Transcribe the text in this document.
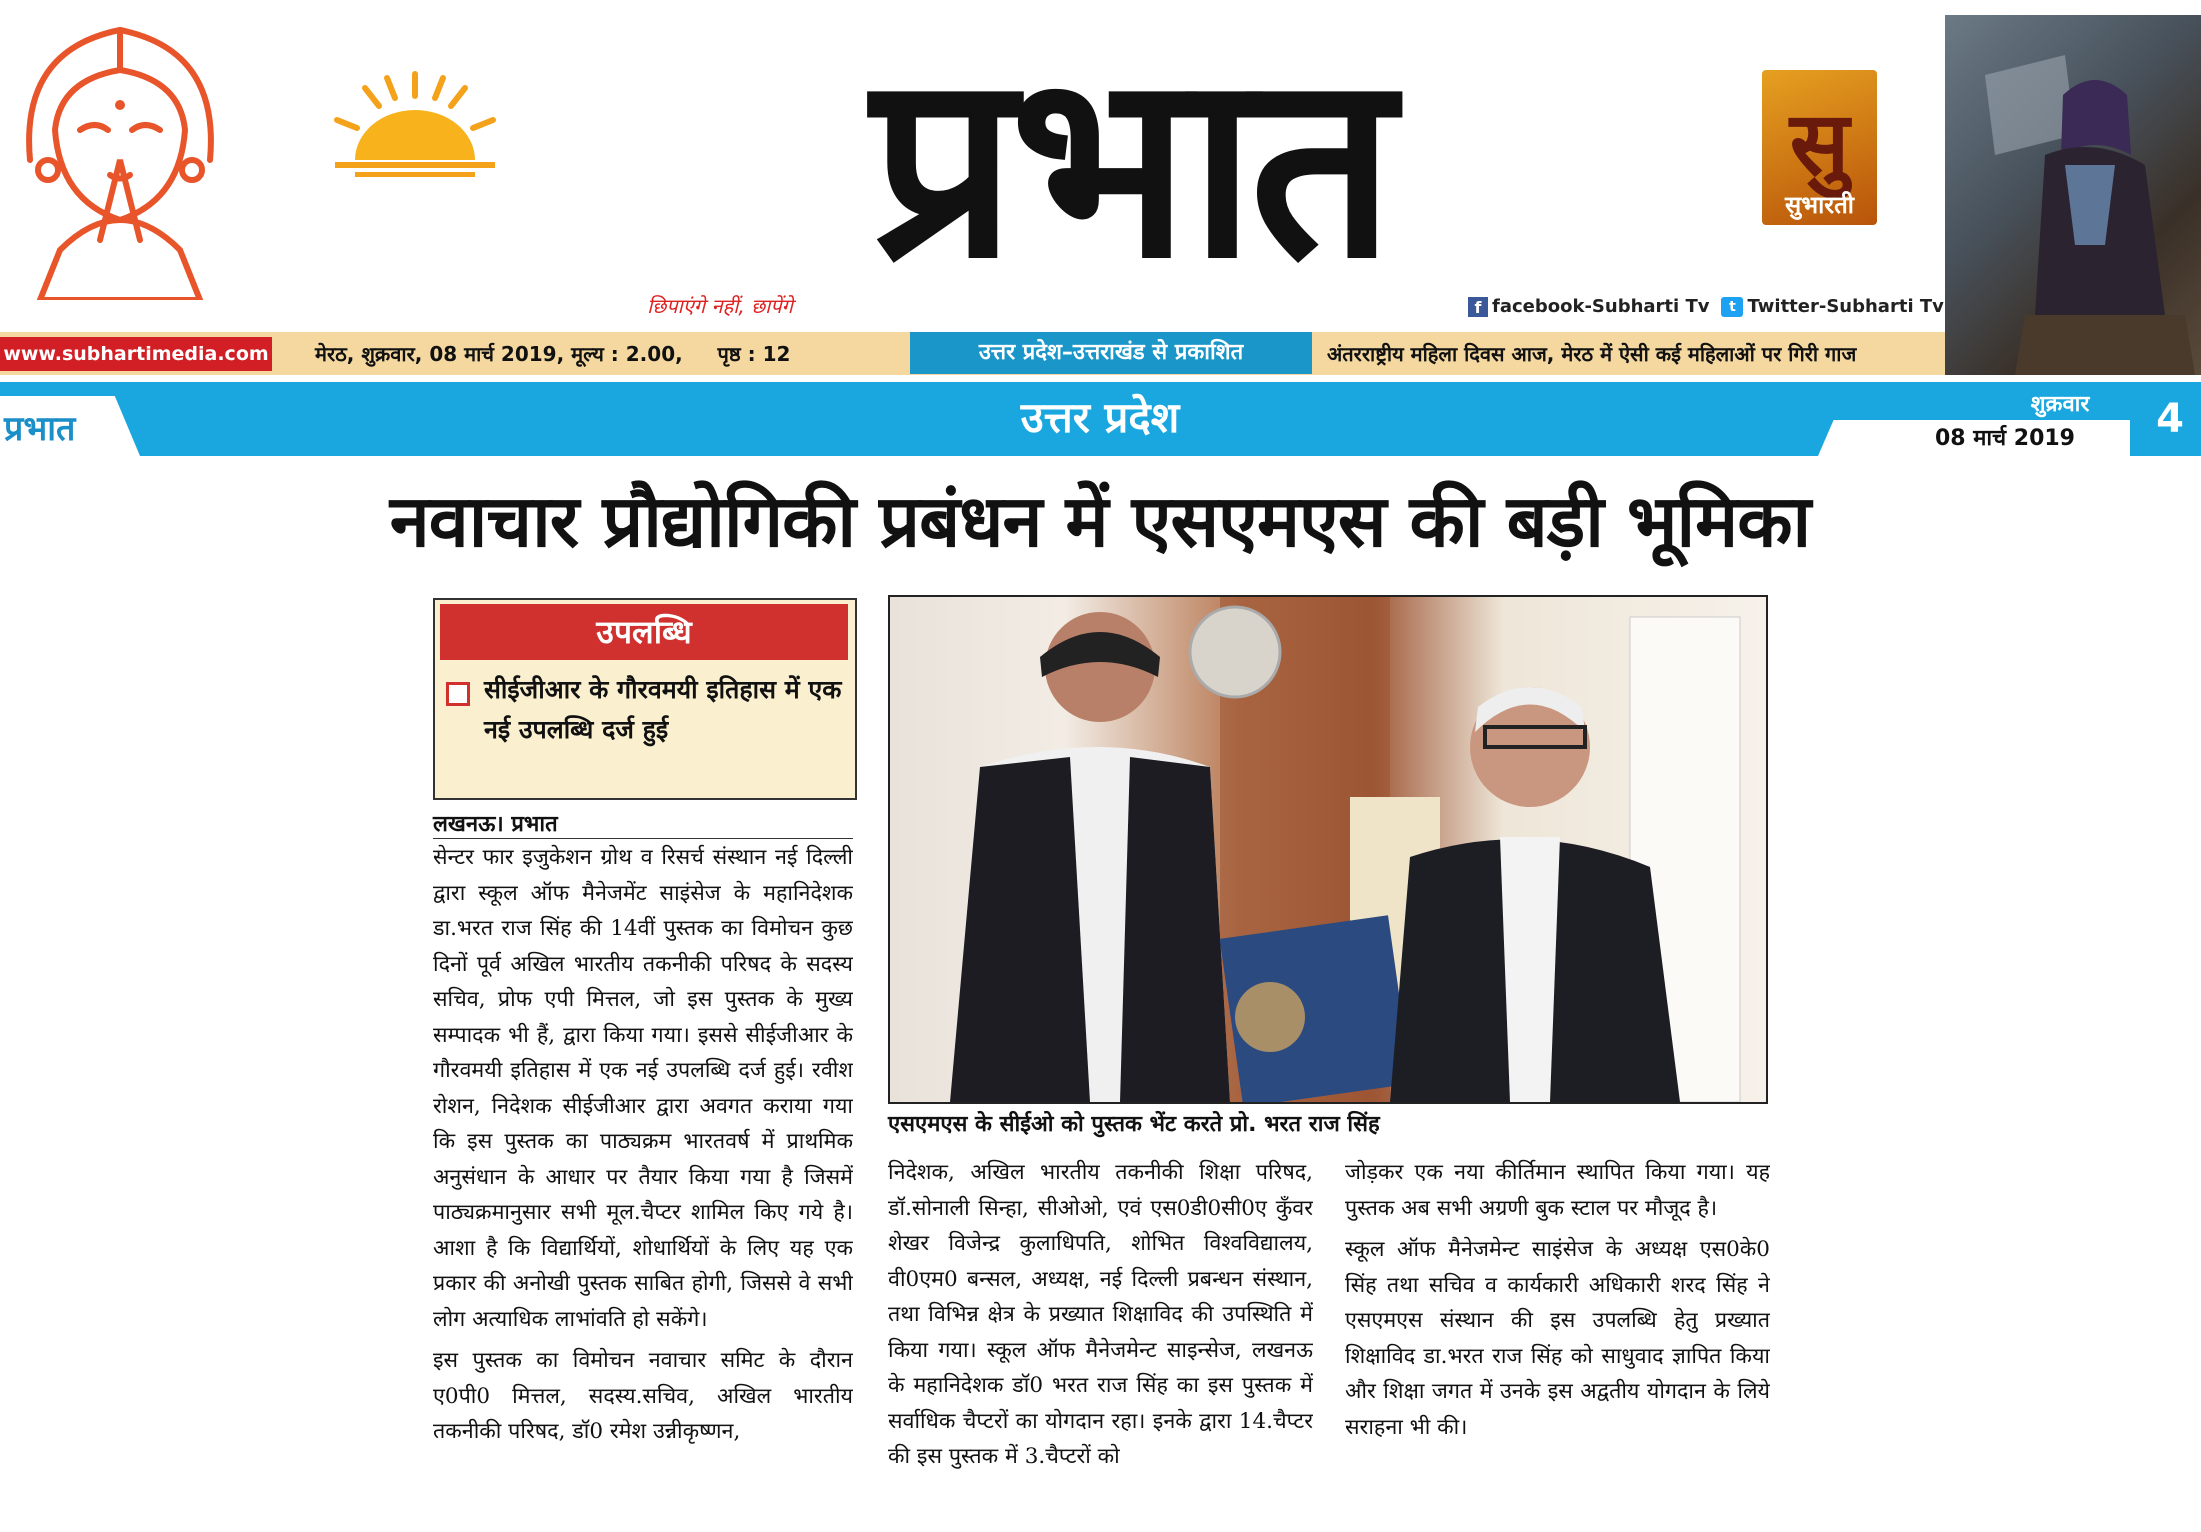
प्रभात
छिपाएंगे नहीं, छापेंगे
सु
सुभारती
f facebook-Subharti Tv t Twitter-Subharti Tv
www.subhartimedia.com मेरठ, शुक्रवार, 08 मार्च 2019, मूल्य : 2.00, पृष्ठ : 12	उत्तर प्रदेश–उत्तराखंड से प्रकाशित	अंतरराष्ट्रीय महिला दिवस आज, मेरठ में ऐसी कई महिलाओं पर गिरी गाज
प्रभात	उत्तर प्रदेश	शुक्रवार
08 मार्च 2019	4
नवाचार प्रौद्योगिकी प्रबंधन में एसएमएस की बड़ी भूमिका
उपलब्धि
सीईजीआर के गौरवमयी इतिहास में एक नई उपलब्धि दर्ज हुई
लखनऊ। प्रभात

सेन्टर फार इजुकेशन ग्रोथ व रिसर्च संस्थान नई दिल्ली द्वारा स्कूल ऑफ मैनेजमेंट साइंसेज के महानिदेशक डा.भरत राज सिंह की 14वीं पुस्तक का विमोचन कुछ दिनों पूर्व अखिल भारतीय तकनीकी परिषद के सदस्य सचिव, प्रोफ एपी मित्तल, जो इस पुस्तक के मुख्य सम्पादक भी हैं, द्वारा किया गया। इससे सीईजीआर के गौरवमयी इतिहास में एक नई उपलब्धि दर्ज हुई। रवीश रोशन, निदेशक सीईजीआर द्वारा अवगत कराया गया कि इस पुस्तक का पाठ्यक्रम भारतवर्ष में प्राथमिक अनुसंधान के आधार पर तैयार किया गया है जिसमें पाठ्यक्रमानुसार सभी मूल.चैप्टर शामिल किए गये है। आशा है कि विद्यार्थियों, शोधार्थियों के लिए यह एक प्रकार की अनोखी पुस्तक साबित होगी, जिससे वे सभी लोग अत्याधिक लाभांवति हो सकेंगे।

इस पुस्तक का विमोचन नवाचार समिट के दौरान ए0पी0 मित्तल, सदस्य.सचिव, अखिल भारतीय तकनीकी परिषद, डॉ0 रमेश उन्नीकृष्णन,

एसएमएस के सीईओ को पुस्तक भेंट करते प्रो. भरत राज सिंह

निदेशक, अखिल भारतीय तकनीकी शिक्षा परिषद, डॉ.सोनाली सिन्हा, सीओओ, एवं एस0डी0सी0ए कुँवर शेखर विजेन्द्र कुलाधिपति, शोभित विश्वविद्यालय, वी0एम0 बन्सल, अध्यक्ष, नई दिल्ली प्रबन्धन संस्थान, तथा विभिन्न क्षेत्र के प्रख्यात शिक्षाविद की उपस्थिति में किया गया। स्कूल ऑफ मैनेजमेन्ट साइन्सेज, लखनऊ के महानिदेशक डॉ0 भरत राज सिंह का इस पुस्तक में सर्वाधिक चैप्टरों का योगदान रहा। इनके द्वारा 14.चैप्टर की इस पुस्तक में 3.चैप्टरों को

जोड़कर एक नया कीर्तिमान स्थापित किया गया। यह पुस्तक अब सभी अग्रणी बुक स्टाल पर मौजूद है।

स्कूल ऑफ मैनेजमेन्ट साइंसेज के अध्यक्ष एस0के0 सिंह तथा सचिव व कार्यकारी अधिकारी शरद सिंह ने एसएमएस संस्थान की इस उपलब्धि हेतु प्रख्यात शिक्षाविद डा.भरत राज सिंह को साधुवाद ज्ञापित किया और शिक्षा जगत में उनके इस अद्वतीय योगदान के लिये सराहना भी की।
